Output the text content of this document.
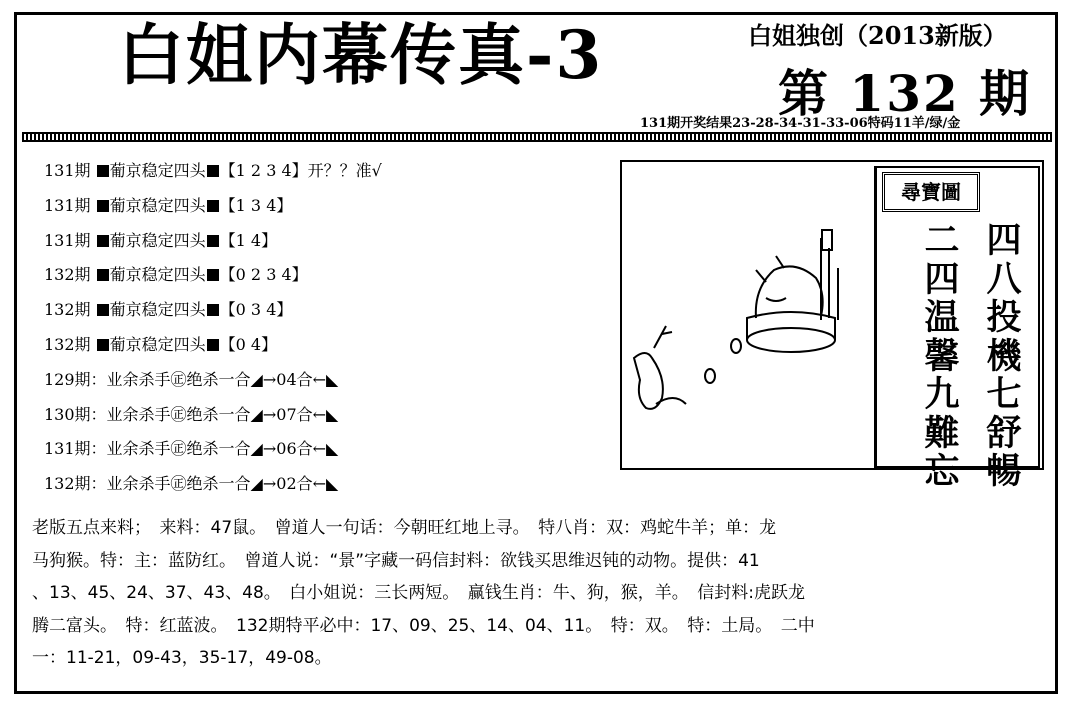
白姐内幕传真-3	白姐独创（2013新版）
第 132 期
131期开奖结果23-28-34-31-33-06特码11羊/绿/金
131期 葡京稳定四头 【1 2 3 4】开？？准√
131期 葡京稳定四头 【1 3 4】
131期 葡京稳定四头 【1 4】
132期 葡京稳定四头 【0 2 3 4】
132期 葡京稳定四头 【0 3 4】
132期 葡京稳定四头 【0 4】
129期：业余杀手㊣绝杀一合◢→04合←◣
130期：业余杀手㊣绝杀一合◢→07合←◣
131期：业余杀手㊣绝杀一合◢→06合←◣
132期：业余杀手㊣绝杀一合◢→02合←◣
尋寶圖
四
八
投
機
七
舒
暢
二
四
温
馨
九
難
忘
老版五点来料；　来料：47鼠。　曾道人一句话：今朝旺红地上寻。　特八肖：双：鸡蛇牛羊；单：龙
马狗猴。特：主：蓝防红。　曾道人说：“景”字藏一码信封料：欲钱买思维迟钝的动物。提供：41
、13、45、24、37、43、48。　白小姐说：三长两短。　赢钱生肖：牛、狗，猴，羊。　信封料:虎跃龙
腾二富头。　特：红蓝波。　132期特平必中：17、09、25、14、04、11。　特：双。　特：土局。　二中
一：11-21，09-43，35-17，49-08。
